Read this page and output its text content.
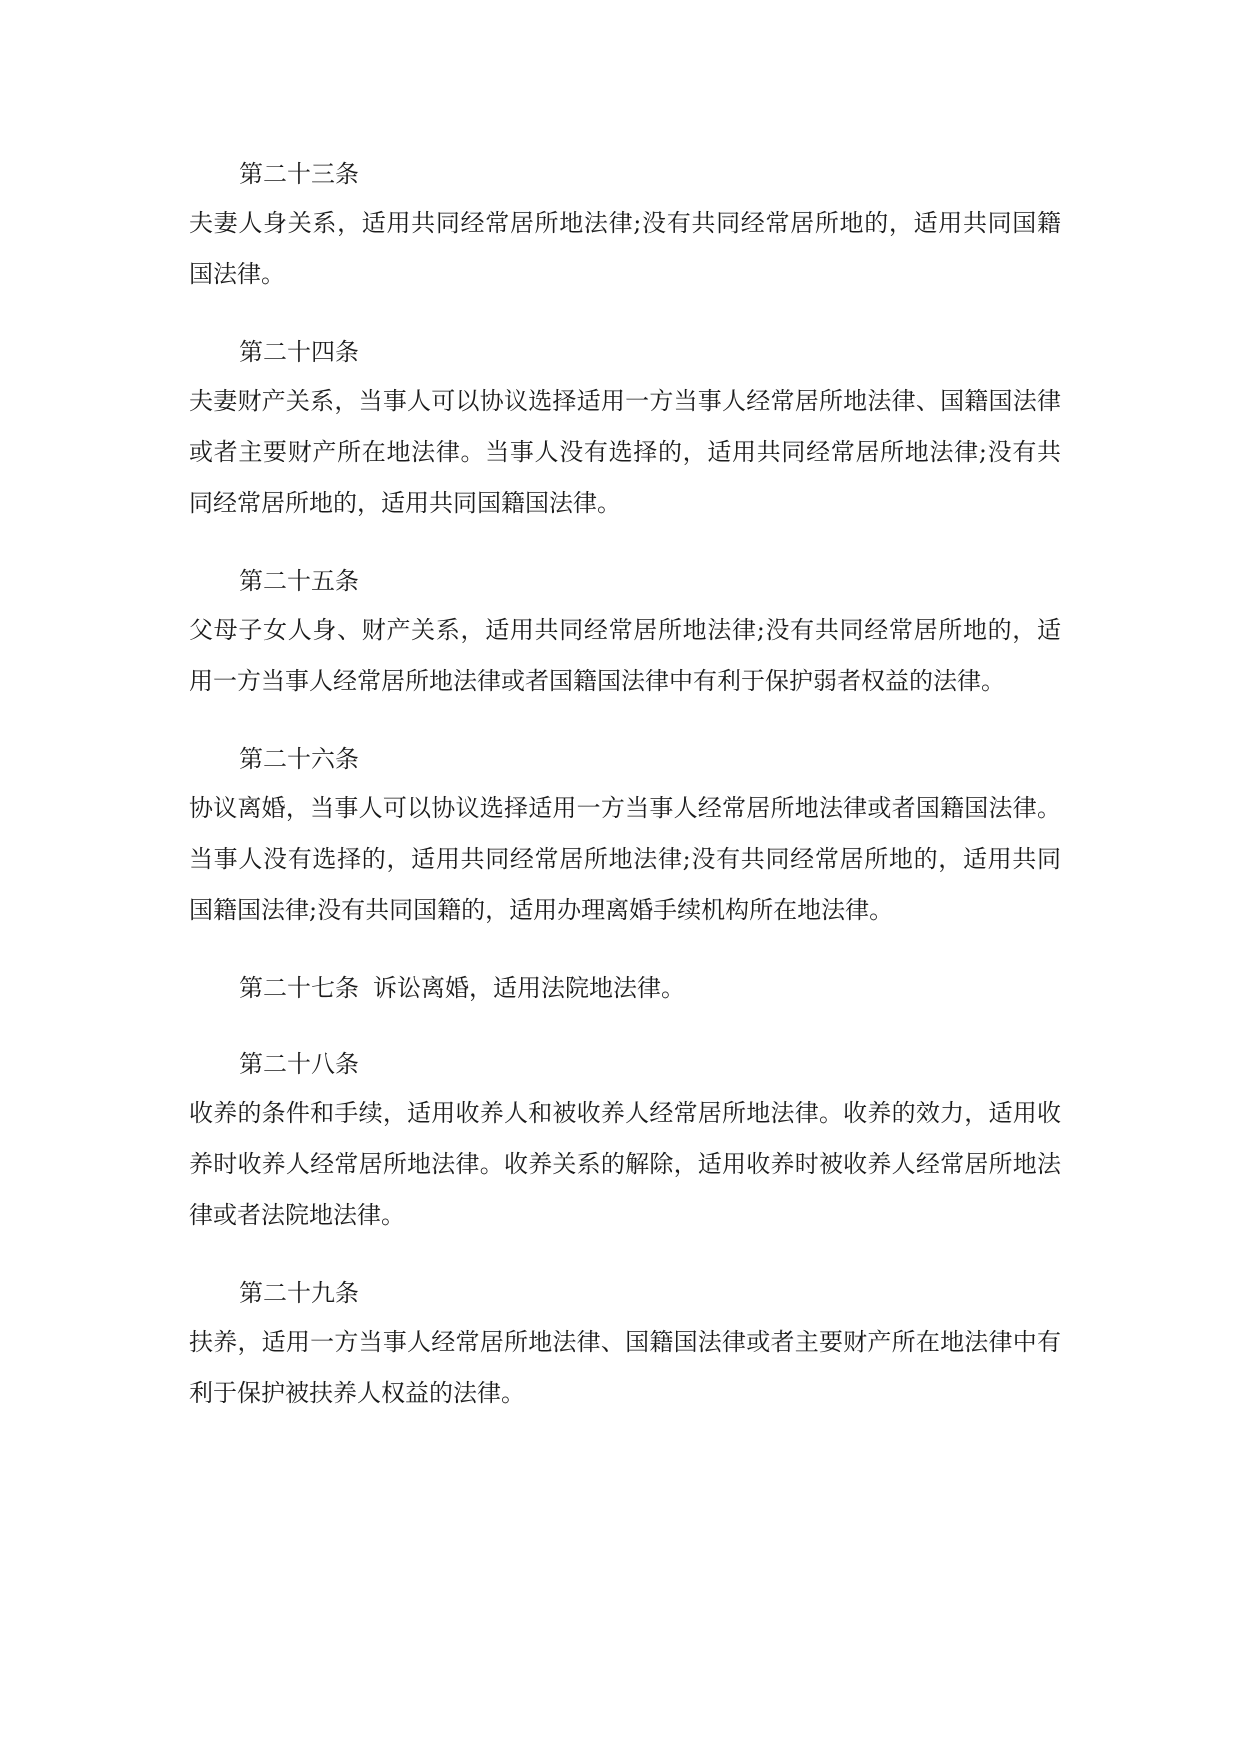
第二十三条

夫妻人身关系，适用共同经常居所地法律;没有共同经常居所地的，适用共同国籍国法律。

第二十四条

夫妻财产关系，当事人可以协议选择适用一方当事人经常居所地法律、国籍国法律或者主要财产所在地法律。当事人没有选择的，适用共同经常居所地法律;没有共同经常居所地的，适用共同国籍国法律。

第二十五条

父母子女人身、财产关系，适用共同经常居所地法律;没有共同经常居所地的，适用一方当事人经常居所地法律或者国籍国法律中有利于保护弱者权益的法律。

第二十六条

协议离婚，当事人可以协议选择适用一方当事人经常居所地法律或者国籍国法律。当事人没有选择的，适用共同经常居所地法律;没有共同经常居所地的，适用共同国籍国法律;没有共同国籍的，适用办理离婚手续机构所在地法律。

第二十七条 诉讼离婚，适用法院地法律。
第二十八条

收养的条件和手续，适用收养人和被收养人经常居所地法律。收养的效力，适用收养时收养人经常居所地法律。收养关系的解除，适用收养时被收养人经常居所地法律或者法院地法律。

第二十九条

扶养，适用一方当事人经常居所地法律、国籍国法律或者主要财产所在地法律中有利于保护被扶养人权益的法律。
